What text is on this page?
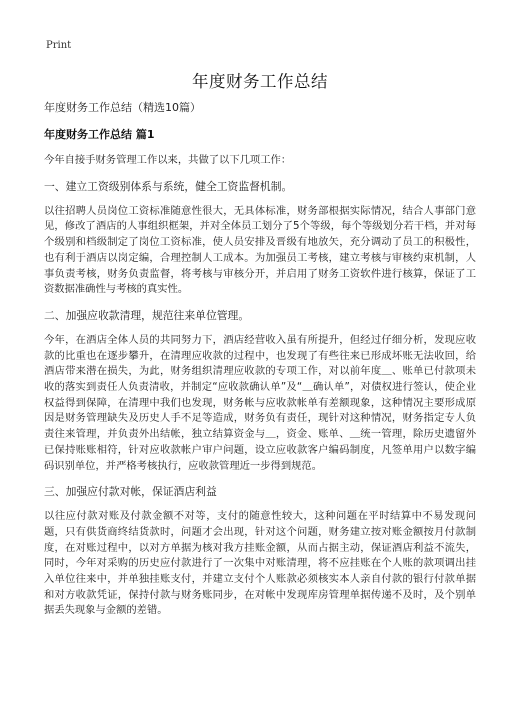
Print
年度财务工作总结
年度财务工作总结（精选10篇）
年度财务工作总结 篇1
今年自接手财务管理工作以来，共做了以下几项工作：
一、建立工资级别体系与系统，健全工资监督机制。
以往招聘人员岗位工资标准随意性很大，无具体标准，财务部根据实际情况，结合人事部门意见，修改了酒店的人事组织框架，并对全体员工划分了5个等级，每个等级划分若干档，并对每个级别和档级制定了岗位工资标准，使人员安排及晋级有地放矢，充分调动了员工的积极性，也有利于酒店以岗定编，合理控制人工成本。为加强员工考核，建立考核与审核约束机制，人事负责考核，财务负责监督，将考核与审核分开，并启用了财务工资软件进行核算，保证了工资数据准确性与考核的真实性。
二、加强应收款清理，规范往来单位管理。
今年，在酒店全体人员的共同努力下，酒店经营收入虽有所提升，但经过仔细分析，发现应收款的比重也在逐步攀升，在清理应收款的过程中，也发现了有些往来已形成坏账无法收回，给酒店带来潜在损失，为此，财务组织清理应收款的专项工作，对以前年度＿、账单已付款项未收的落实到责任人负责清收，并制定“应收款确认单”及“＿确认单”，对债权进行签认，使企业权益得到保障，在清理中我们也发现，财务帐与应收款帐单有差额现象，这种情况主要形成原因是财务管理缺失及历史人手不足等造成，财务负有责任，现针对这种情况，财务指定专人负责往来管理，并负责外出结帐，独立结算资金与＿，资金、账单、＿统一管理，除历史遗留外已保持账账相符，针对应收款帐户审户问题，设立应收款客户编码制度，凡签单用户以数字编码识别单位，并严格考核执行，应收款管理近一步得到规范。
三、加强应付款对帐，保证酒店利益
以往应付款对账及付款金额不对等，支付的随意性较大，这种问题在平时结算中不易发现问题，只有供货商终结货款时，问题才会出现，针对这个问题，财务建立按对账金额按月付款制度，在对账过程中，以对方单据为核对我方挂账金额，从而占据主动，保证酒店利益不流失，同时，今年对采购的历史应付款进行了一次集中对账清理，将不应挂账在个人账的款项调出挂入单位往来中，并单独挂账支付，并建立支付个人账款必须核实本人亲自付款的银行付款单据和对方收款凭证，保持付款与财务账同步，在对帐中发现库房管理单据传递不及时，及个别单据丢失现象与金额的差错。
